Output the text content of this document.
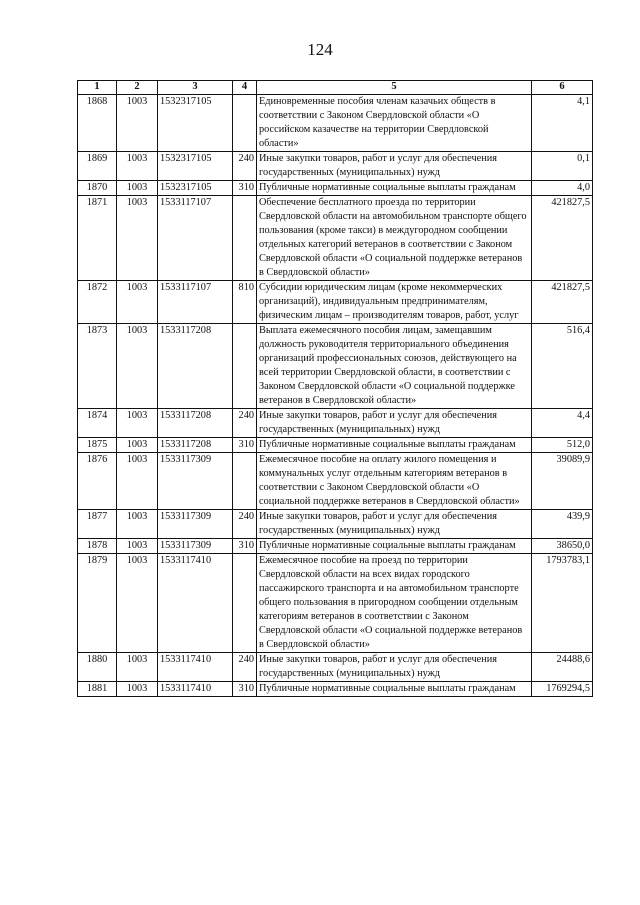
124
1	2	3	4	5	6
1868	1003	1532317105		Единовременные пособия членам казачьих обществ в соответствии с Законом Свердловской области «О российском казачестве на территории Свердловской области»	4,1
1869	1003	1532317105	240	Иные закупки товаров, работ и услуг для обеспечения государственных (муниципальных) нужд	0,1
1870	1003	1532317105	310	Публичные нормативные социальные выплаты гражданам	4,0
1871	1003	1533117107		Обеспечение бесплатного проезда по территории Свердловской области на автомобильном транспорте общего пользования (кроме такси) в междугородном сообщении отдельных категорий ветеранов в соответствии с Законом Свердловской области «О социальной поддержке ветеранов в Свердловской области»	421827,5
1872	1003	1533117107	810	Субсидии юридическим лицам (кроме некоммерческих организаций), индивидуальным предпринимателям, физическим лицам – производителям товаров, работ, услуг	421827,5
1873	1003	1533117208		Выплата ежемесячного пособия лицам, замещавшим должность руководителя территориального объединения организаций профессиональных союзов, действующего на всей территории Свердловской области, в соответствии с Законом Свердловской области «О социальной поддержке ветеранов в Свердловской области»	516,4
1874	1003	1533117208	240	Иные закупки товаров, работ и услуг для обеспечения государственных (муниципальных) нужд	4,4
1875	1003	1533117208	310	Публичные нормативные социальные выплаты гражданам	512,0
1876	1003	1533117309		Ежемесячное пособие на оплату жилого помещения и коммунальных услуг отдельным категориям ветеранов в соответствии с Законом Свердловской области «О социальной поддержке ветеранов в Свердловской области»	39089,9
1877	1003	1533117309	240	Иные закупки товаров, работ и услуг для обеспечения государственных (муниципальных) нужд	439,9
1878	1003	1533117309	310	Публичные нормативные социальные выплаты гражданам	38650,0
1879	1003	1533117410		Ежемесячное пособие на проезд по территории Свердловской области на всех видах городского пассажирского транспорта и на автомобильном транспорте общего пользования в пригородном сообщении отдельным категориям ветеранов в соответствии с Законом Свердловской области «О социальной поддержке ветеранов в Свердловской области»	1793783,1
1880	1003	1533117410	240	Иные закупки товаров, работ и услуг для обеспечения государственных (муниципальных) нужд	24488,6
1881	1003	1533117410	310	Публичные нормативные социальные выплаты гражданам	1769294,5
